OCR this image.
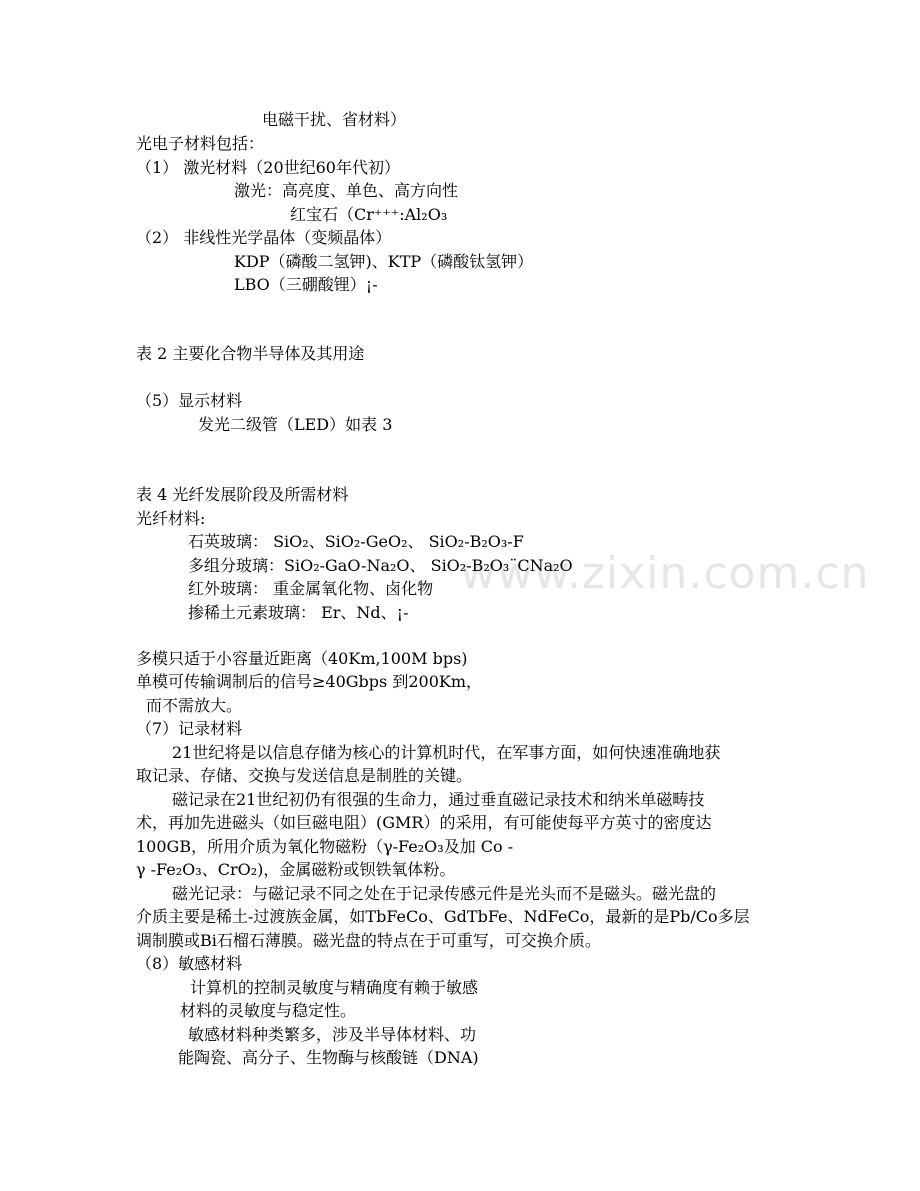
www.zixin.com.cn
电磁干扰、省材料）
光电子材料包括：
（1） 激光材料（20世纪60年代初）
激光：高亮度、单色、高方向性
红宝石（Cr⁺⁺⁺:Al₂O₃
（2） 非线性光学晶体（变频晶体）
KDP（磷酸二氢钾)、KTP（磷酸钛氢钾）
LBO（三硼酸锂）¡-
表 2 主要化合物半导体及其用途
（5）显示材料
发光二级管（LED）如表 3
表 4 光纤发展阶段及所需材料
光纤材料:
石英玻璃： SiO₂、SiO₂-GeO₂、 SiO₂-B₂O₃-F
多组分玻璃：SiO₂-GaO-Na₂O、 SiO₂-B₂O₃¨CNa₂O
红外玻璃： 重金属氧化物、卤化物
掺稀土元素玻璃： Er、Nd、¡-
多模只适于小容量近距离（40Km,100M bps)
单模可传输调制后的信号≥40Gbps 到200Km，
而不需放大。
（7）记录材料
21世纪将是以信息存储为核心的计算机时代，在军事方面，如何快速准确地获
取记录、存储、交换与发送信息是制胜的关键。
磁记录在21世纪初仍有很强的生命力，通过垂直磁记录技术和纳米单磁畴技
术，再加先进磁头（如巨磁电阻）(GMR）的采用，有可能使每平方英寸的密度达
100GB，所用介质为氧化物磁粉（γ-Fe₂O₃及加 Co -
γ -Fe₂O₃、CrO₂)，金属磁粉或钡铁氧体粉。
磁光记录：与磁记录不同之处在于记录传感元件是光头而不是磁头。磁光盘的
介质主要是稀土-过渡族金属，如TbFeCo、GdTbFe、NdFeCo，最新的是Pb/Co多层
调制膜或Bi石榴石薄膜。磁光盘的特点在于可重写，可交换介质。
（8）敏感材料
计算机的控制灵敏度与精确度有赖于敏感
材料的灵敏度与稳定性。
敏感材料种类繁多，涉及半导体材料、功
能陶瓷、高分子、生物酶与核酸链（DNA)
